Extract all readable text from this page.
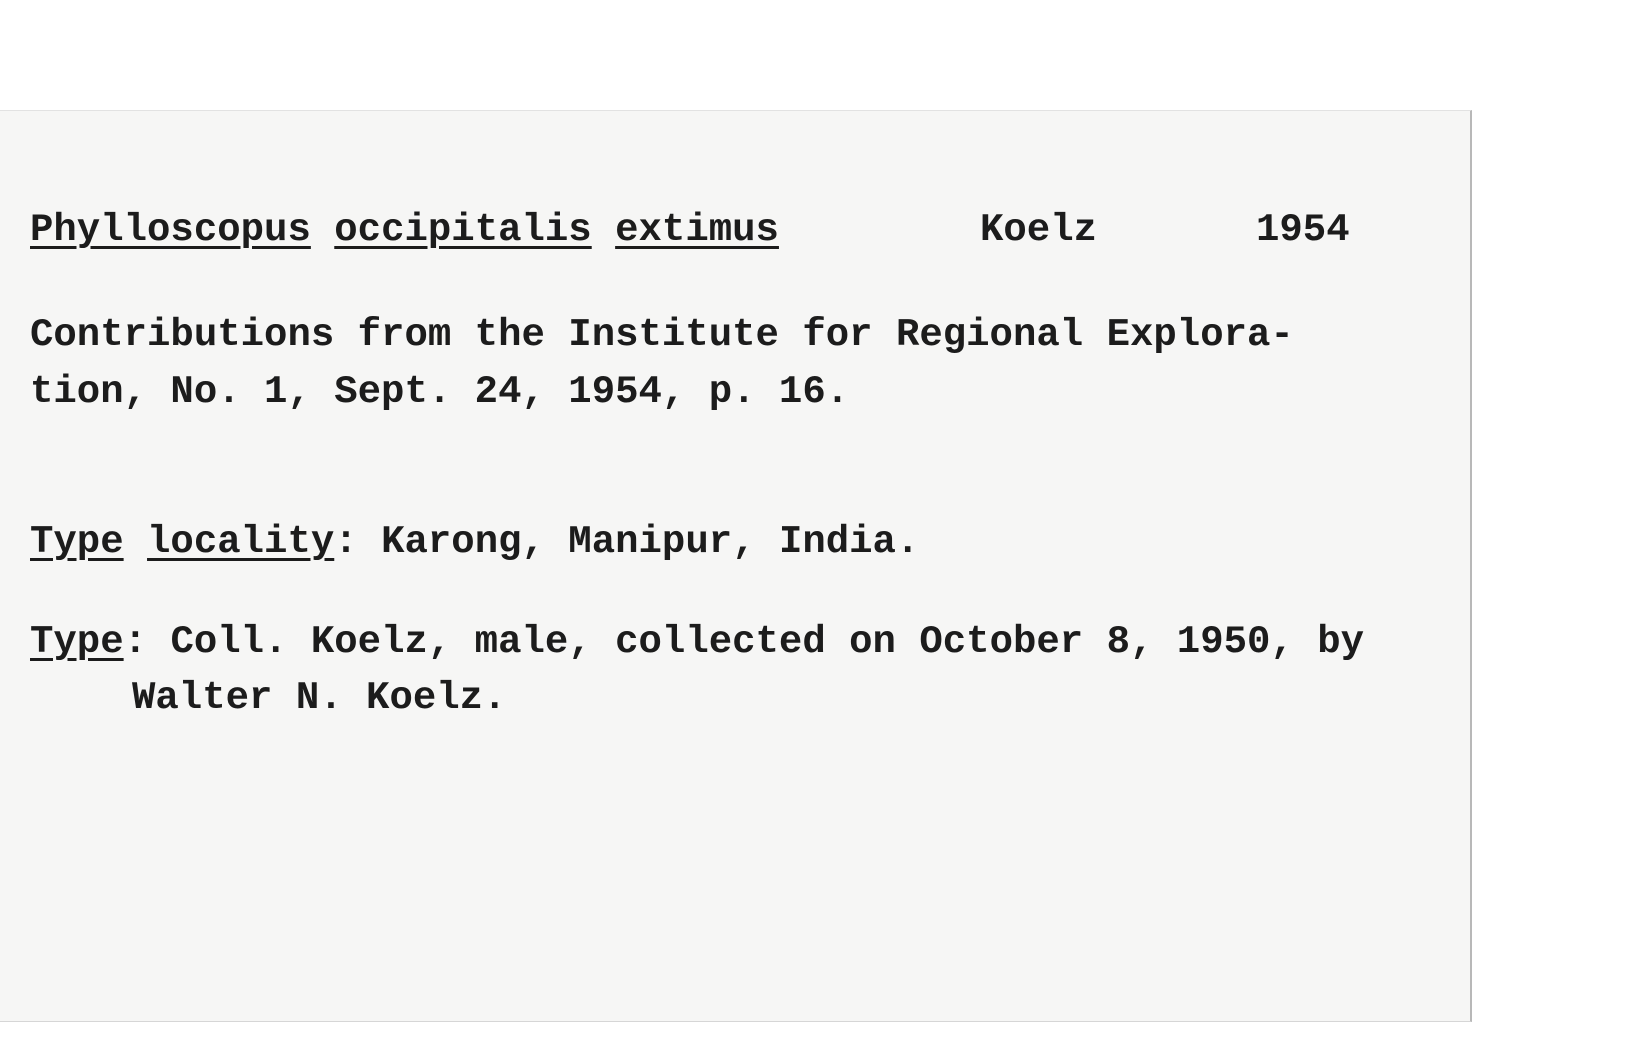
Phylloscopus occipitalis extimus	Koelz	1954
Contributions from the Institute for Regional Explora-
tion, No. 1, Sept. 24, 1954, p. 16.
Type locality: Karong, Manipur, India.
Type: Coll. Koelz, male, collected on October 8, 1950, by
Walter N. Koelz.
